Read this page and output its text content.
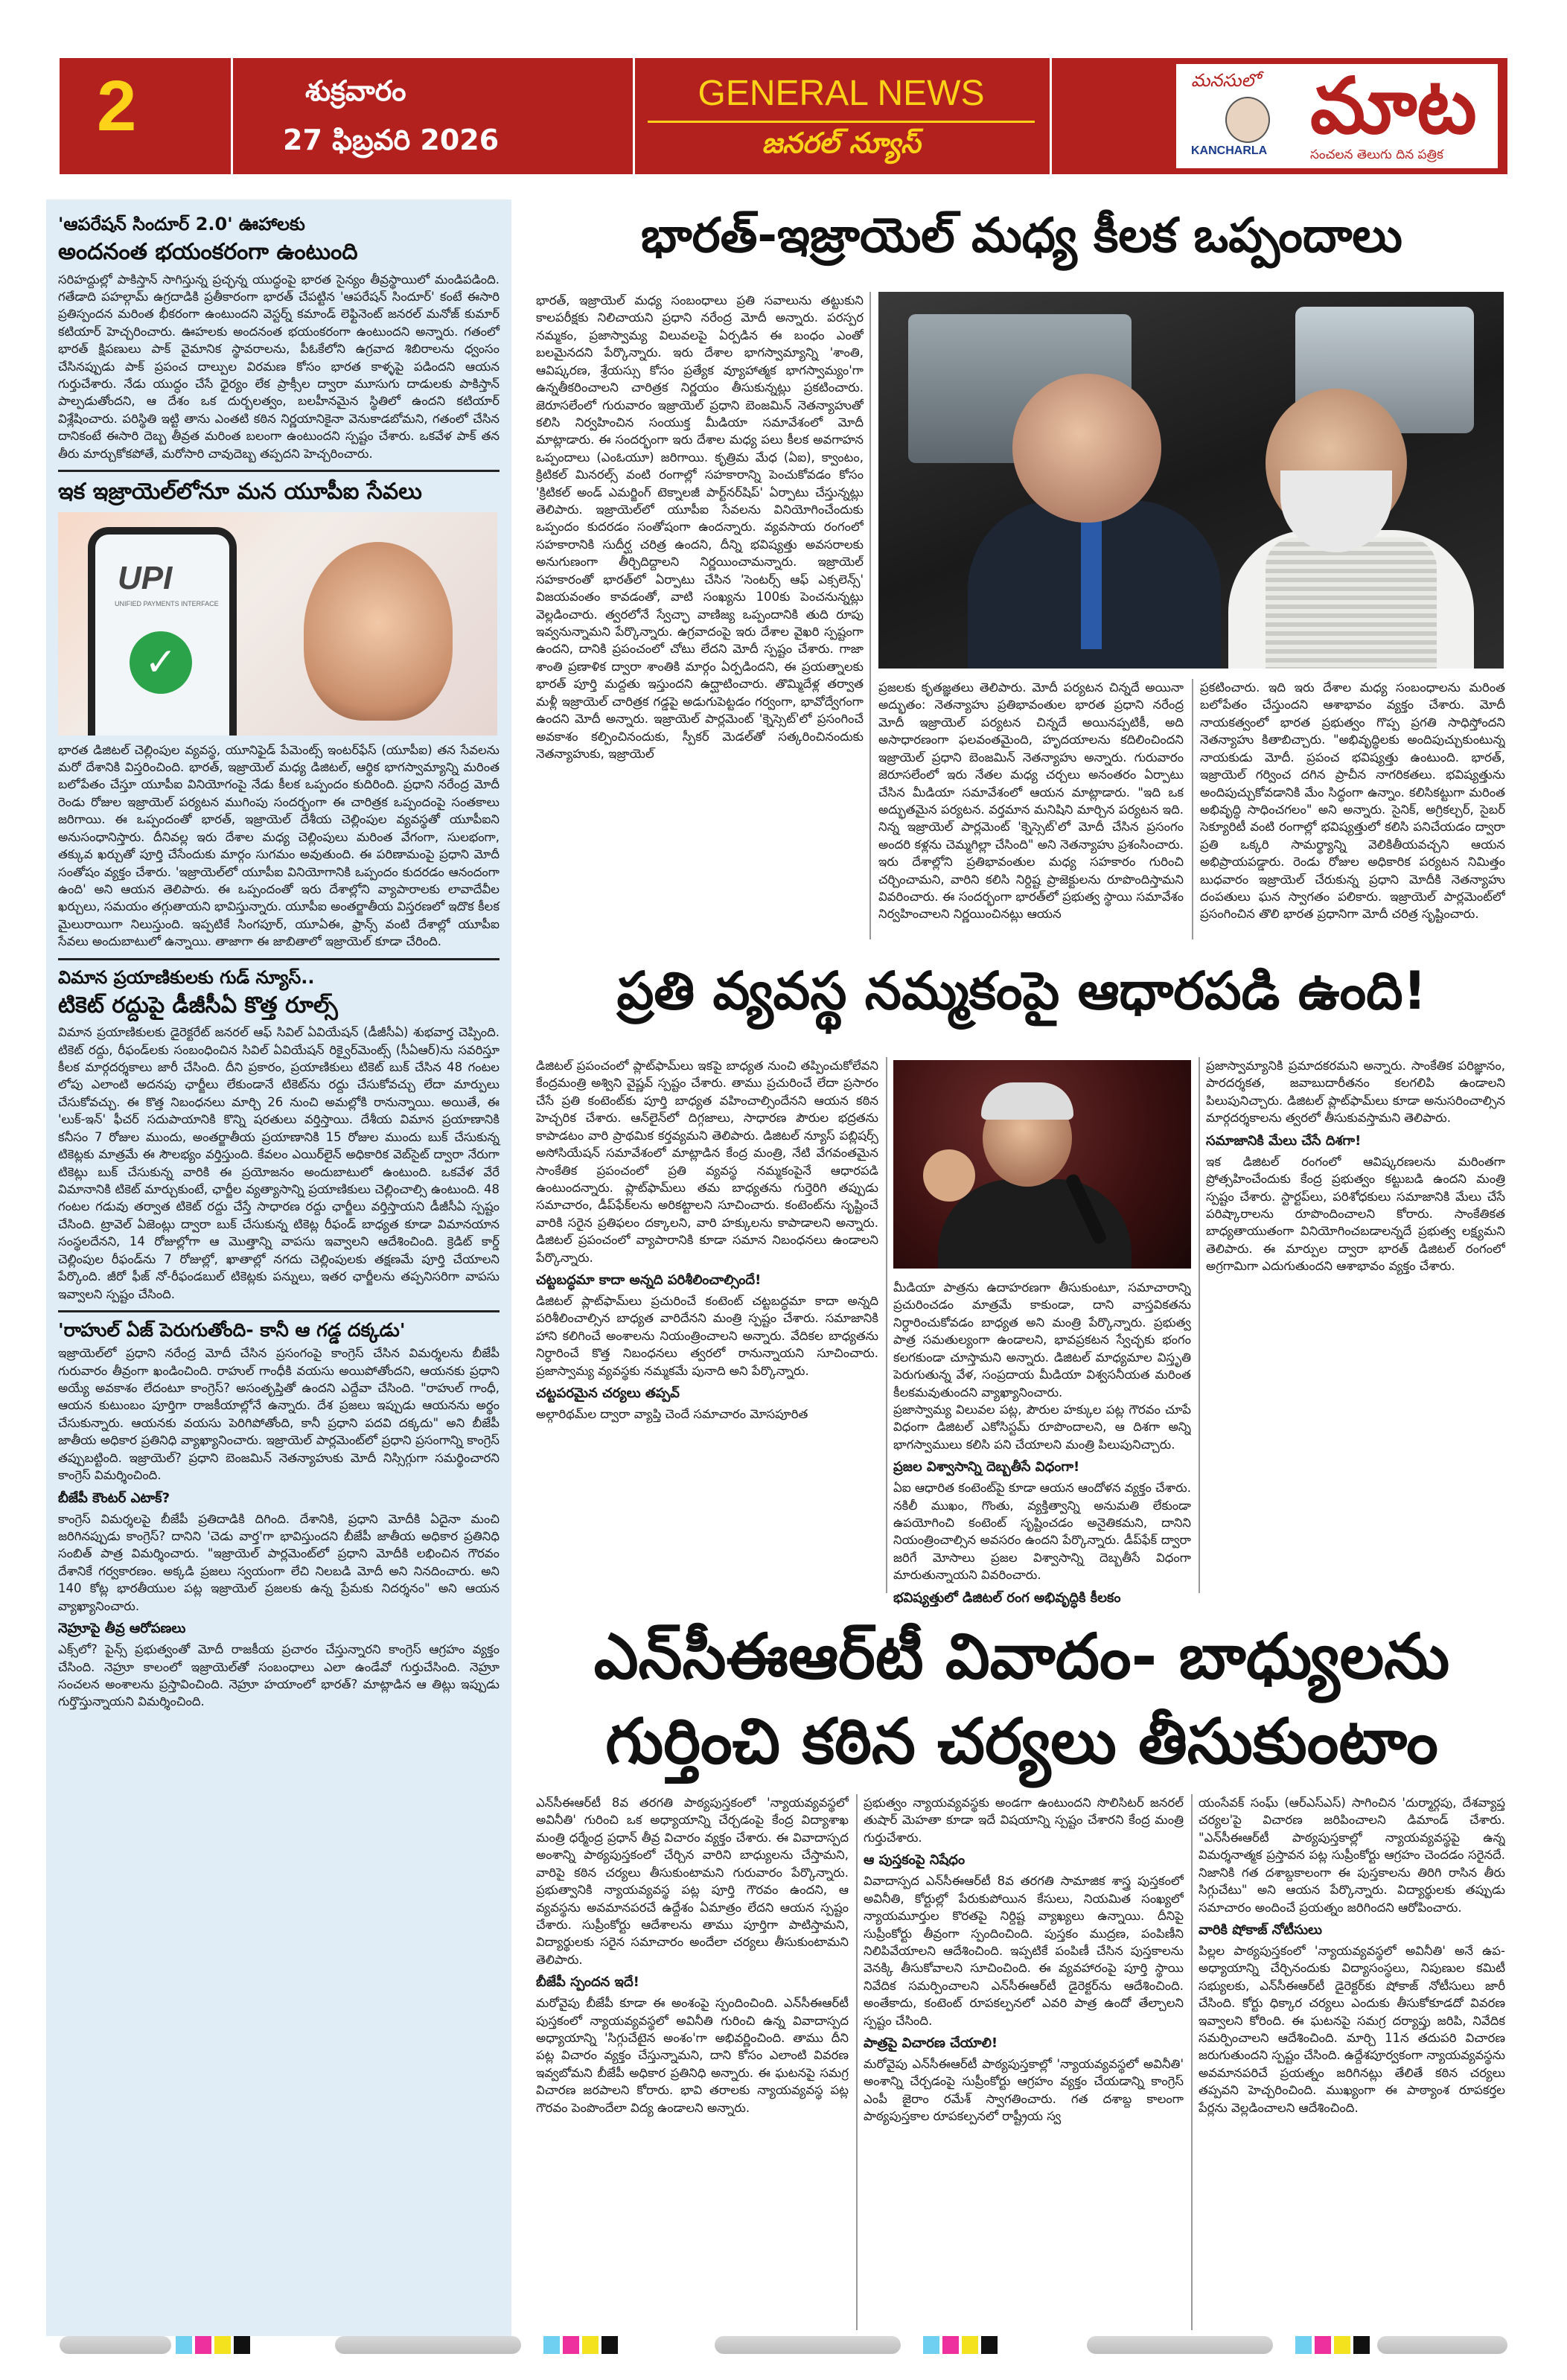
2	శుక్రవారం
27 ఫిబ్రవరి 2026
GENERAL NEWS
జనరల్ న్యూస్
మనసులో మాట
KANCHARLA	సంచలన తెలుగు దిన పత్రిక
'ఆపరేషన్ సిందూర్ 2.0' ఊహాలకు
అందనంత భయంకరంగా ఉంటుంది
సరిహద్దుల్లో పాకిస్తాన్ సాగిస్తున్న ప్రచ్ఛన్న యుద్ధంపై భారత సైన్యం తీవ్రస్థాయిలో మండిపడింది. గతేడాది పహల్గామ్ ఉగ్రదాడికి ప్రతీకారంగా భారత్ చేపట్టిన 'ఆపరేషన్ సిందూర్' కంటే ఈసారి ప్రతిస్పందన మరింత భీకరంగా ఉంటుందని వెస్టర్న్ కమాండ్ లెఫ్టినెంట్ జనరల్ మనోజ్ కుమార్ కటియార్ హెచ్చరించారు. ఊహలకు అందనంత భయంకరంగా ఉంటుందని అన్నారు. గతంలో భారత్ క్షిపణులు పాక్ వైమానిక స్థావరాలను, పీఓకేలోని ఉగ్రవాద శిబిరాలను ధ్వంసం చేసినప్పుడు పాక్ ప్రపంచ దాల్పుల విరమణ కోసం భారత కాళ్ళపై పడిందని ఆయన గుర్తుచేశారు. నేడు యుద్ధం చేసే ధైర్యం లేక ప్రాక్సీల ద్వారా మూసుగు దాడులకు పాకిస్తాన్ పాల్పడుతోందని, ఆ దేశం ఒక దుర్బలత్వం, బలహీనమైన స్థితిలో ఉందని కటియార్ విశ్లేషించారు. పరిస్థితి ఇట్టి తాను ఎంతటి కఠిన నిర్ణయానికైనా వెనుకాడబోమని, గతంలో చేసిన దానికంటే ఈసారి దెబ్బ తీవ్రత మరింత బలంగా ఉంటుందని స్పష్టం చేశారు. ఒకవేళ పాక్ తన తీరు మార్చుకోకపోతే, మరోసారి చావుదెబ్బ తప్పదని హెచ్చరించారు.
ఇక ఇజ్రాయెల్‌లోనూ మన యూపీఐ సేవలు
UPI
UNIFIED PAYMENTS INTERFACE
✓
భారత డిజిటల్ చెల్లింపుల వ్యవస్థ, యూనిఫైడ్ పేమెంట్స్ ఇంటర్‌ఫేస్ (యూపీఐ) తన సేవలను మరో దేశానికి విస్తరించింది. భారత్, ఇజ్రాయెల్ మధ్య డిజిటల్, ఆర్థిక భాగస్వామ్యాన్ని మరింత బలోపేతం చేస్తూ యూపీఐ వినియోగంపై నేడు కీలక ఒప్పందం కుదిరింది. ప్రధాని నరేంద్ర మోదీ రెండు రోజుల ఇజ్రాయెల్ పర్యటన ముగింపు సందర్భంగా ఈ చారిత్రక ఒప్పందంపై సంతకాలు జరిగాయి. ఈ ఒప్పందంతో భారత్, ఇజ్రాయెల్ దేశీయ చెల్లింపుల వ్యవస్థతో యూపీఐని అనుసంధానిస్తారు. దీనివల్ల ఇరు దేశాల మధ్య చెల్లింపులు మరింత వేగంగా, సులభంగా, తక్కువ ఖర్చుతో పూర్తి చేసేందుకు మార్గం సుగమం అవుతుంది. ఈ పరిణామంపై ప్రధాని మోదీ సంతోషం వ్యక్తం చేశారు. 'ఇజ్రాయెల్‌లో యూపీఐ వినియోగానికి ఒప్పందం కుదరడం ఆనందంగా ఉంది' అని ఆయన తెలిపారు. ఈ ఒప్పందంతో ఇరు దేశాల్లోని వ్యాపారాలకు లావాదేవీల ఖర్చులు, సమయం తగ్గుతాయని భావిస్తున్నారు. యూపీఐ అంతర్జాతీయ విస్తరణలో ఇదొక కీలక మైలురాయిగా నిలుస్తుంది. ఇప్పటికే సింగపూర్, యూఏఈ, ఫ్రాన్స్ వంటి దేశాల్లో యూపీఐ సేవలు అందుబాటులో ఉన్నాయి. తాజాగా ఈ జాబితాలో ఇజ్రాయెల్ కూడా చేరింది.
విమాన ప్రయాణికులకు గుడ్ న్యూస్..
టికెట్ రద్దుపై డీజీసీఏ కొత్త రూల్స్
విమాన ప్రయాణికులకు డైరెక్టరేట్ జనరల్ ఆఫ్ సివిల్ ఏవియేషన్ (డీజీసీఏ) శుభవార్త చెప్పింది. టికెట్ రద్దు, రీఫండ్‌లకు సంబంధించిన సివిల్ ఏవియేషన్ రిక్వైర్‌మెంట్స్ (సీఏఆర్)ను సవరిస్తూ కీలక మార్గదర్శకాలు జారీ చేసింది. దీని ప్రకారం, ప్రయాణికులు టికెట్ బుక్ చేసిన 48 గంటల లోపు ఎలాంటి అదనపు ఛార్జీలు లేకుండానే టికెట్‌ను రద్దు చేసుకోవచ్చు లేదా మార్పులు చేసుకోవచ్చు. ఈ కొత్త నిబంధనలు మార్చి 26 నుంచి అమల్లోకి రానున్నాయి. అయితే, ఈ 'లుక్-ఇన్' ఫీచర్ సదుపాయానికి కొన్ని షరతులు వర్తిస్తాయి. దేశీయ విమాన ప్రయాణానికి కనీసం 7 రోజుల ముందు, అంతర్జాతీయ ప్రయాణానికి 15 రోజుల ముందు బుక్ చేసుకున్న టికెట్లకు మాత్రమే ఈ సౌలభ్యం వర్తిస్తుంది. కేవలం ఎయిర్‌లైన్ అధికారిక వెబ్‌సైట్ ద్వారా నేరుగా టికెట్లు బుక్ చేసుకున్న వారికి ఈ ప్రయోజనం అందుబాటులో ఉంటుంది. ఒకవేళ వేరే విమానానికి టికెట్ మార్చుకుంటే, ఛార్జీల వ్యత్యాసాన్ని ప్రయాణికులు చెల్లించాల్సి ఉంటుంది. 48 గంటల గడువు తర్వాత టికెట్ రద్దు చేస్తే సాధారణ రద్దు ఛార్జీలు వర్తిస్తాయని డీజీసీఏ స్పష్టం చేసింది. ట్రావెల్ ఏజెంట్లు ద్వారా బుక్ చేసుకున్న టికెట్ల రీఫండ్ బాధ్యత కూడా విమానయాన సంస్థలదేనని, 14 రోజుల్లోగా ఆ మొత్తాన్ని వాపసు ఇవ్వాలని ఆదేశించింది. క్రెడిట్ కార్డ్ చెల్లింపుల రీఫండ్‌ను 7 రోజుల్లో, ఖాతాల్లో నగదు చెల్లింపులకు తక్షణమే పూర్తి చేయాలని పేర్కొంది. జీరో ఫీజ్ నో-రీఫండబుల్ టికెట్లకు పన్నులు, ఇతర ఛార్జీలను తప్పనిసరిగా వాపసు ఇవ్వాలని స్పష్టం చేసింది.
'రాహుల్ ఏజ్ పెరుగుతోంది- కానీ ఆ గడ్డ దక్కడు'
ఇజ్రాయెల్‌లో ప్రధాని నరేంద్ర మోదీ చేసిన ప్రసంగంపై కాంగ్రెస్ చేసిన విమర్శలను బీజేపీ గురువారం తీవ్రంగా ఖండించింది. రాహుల్ గాంధీకి వయసు అయిపోతోందని, ఆయనకు ప్రధాని అయ్యే అవకాశం లేదంటూ కాంగ్రెస్? అసంతృప్తితో ఉందని ఎద్దేవా చేసింది. "రాహుల్ గాంధీ, ఆయన కుటుంబం పూర్తిగా రాజకీయాల్లోనే ఉన్నారు. దేశ ప్రజలు ఇప్పుడు ఆయనను అర్థం చేసుకున్నారు. ఆయనకు వయసు పెరిగిపోతోంది, కానీ ప్రధాని పదవి దక్కదు" అని బీజేపీ జాతీయ అధికార ప్రతినిధి వ్యాఖ్యానించారు. ఇజ్రాయెల్ పార్లమెంట్‌లో ప్రధాని ప్రసంగాన్ని కాంగ్రెస్ తప్పుబట్టింది. ఇజ్రాయెల్? ప్రధాని బెంజమిన్ నెతన్యాహుకు మోదీ నిస్సిగ్గుగా సమర్థించారని కాంగ్రెస్ విమర్శించింది.
బీజేపీ కౌంటర్ ఎటాక్?
కాంగ్రెస్ విమర్శలపై బీజేపీ ప్రతిదాడికి దిగింది. దేశానికి, ప్రధాని మోదీకి ఏదైనా మంచి జరిగినప్పుడు కాంగ్రెస్? దానిని 'చెడు వార్త'గా భావిస్తుందని బీజేపీ జాతీయ అధికార ప్రతినిధి సంబిత్ పాత్ర విమర్శించారు. "ఇజ్రాయెల్ పార్లమెంట్‌లో ప్రధాని మోదీకి లభించిన గౌరవం దేశానికే గర్వకారణం. అక్కడి ప్రజలు స్వయంగా లేచి నిలబడి మోదీ అని నినదించారు. అని 140 కోట్ల భారతీయుల పట్ల ఇజ్రాయెల్ ప్రజలకు ఉన్న ప్రేమకు నిదర్శనం" అని ఆయన వ్యాఖ్యానించారు.
నెహ్రూపై తీవ్ర ఆరోపణలు
ఎక్స్‌లో? పైన్స్ ప్రభుత్వంతో మోదీ రాజకీయ ప్రచారం చేస్తున్నారని కాంగ్రెస్ ఆగ్రహం వ్యక్తం చేసింది. నెహ్రూ కాలంలో ఇజ్రాయెల్‌తో సంబంధాలు ఎలా ఉండేవో గుర్తుచేసింది. నెహ్రూ సంచలన అంశాలను ప్రస్తావించింది. నెహ్రూ హయాంలో భారత్? మాట్లాడిన ఆ తిట్లు ఇప్పుడు గుర్తొస్తున్నాయని విమర్శించింది.
భారత్-ఇజ్రాయెల్ మధ్య కీలక ఒప్పందాలు
భారత్, ఇజ్రాయెల్ మధ్య సంబంధాలు ప్రతి సవాలును తట్టుకుని కాలపరీక్షకు నిలిచాయని ప్రధాని నరేంద్ర మోదీ అన్నారు. పరస్పర నమ్మకం, ప్రజాస్వామ్య విలువలపై ఏర్పడిన ఈ బంధం ఎంతో బలమైనదని పేర్కొన్నారు. ఇరు దేశాల భాగస్వామ్యాన్ని 'శాంతి, ఆవిష్కరణ, శ్రేయస్సు కోసం ప్రత్యేక వ్యూహాత్మక భాగస్వామ్యం'గా ఉన్నతీకరించాలని చారిత్రక నిర్ణయం తీసుకున్నట్లు ప్రకటించారు. జెరూసలేంలో గురువారం ఇజ్రాయెల్ ప్రధాని బెంజమిన్ నెతన్యాహుతో కలిసి నిర్వహించిన సంయుక్త మీడియా సమావేశంలో మోదీ మాట్లాడారు. ఈ సందర్భంగా ఇరు దేశాల మధ్య పలు కీలక అవగాహన ఒప్పందాలు (ఎంఓయూ) జరిగాయి. కృత్రిమ మేధ (ఏఐ), క్వాంటం, క్రిటికల్ మినరల్స్ వంటి రంగాల్లో సహకారాన్ని పెంచుకోవడం కోసం 'క్రిటికల్ అండ్ ఎమర్జింగ్ టెక్నాలజీ పార్ట్‌నర్‌షిప్' ఏర్పాటు చేస్తున్నట్లు తెలిపారు. ఇజ్రాయెల్‌లో యూపీఐ సేవలను వినియోగించేందుకు ఒప్పందం కుదరడం సంతోషంగా ఉందన్నారు. వ్యవసాయ రంగంలో సహకారానికి సుదీర్ఘ చరిత్ర ఉందని, దీన్ని భవిష్యత్తు అవసరాలకు అనుగుణంగా తీర్చిదిద్దాలని నిర్ణయించామన్నారు. ఇజ్రాయెల్ సహకారంతో భారత్‌లో ఏర్పాటు చేసిన 'సెంటర్స్ ఆఫ్ ఎక్సలెన్స్' విజయవంతం కావడంతో, వాటి సంఖ్యను 100కు పెంచనున్నట్లు వెల్లడించారు. త్వరలోనే స్వేచ్ఛా వాణిజ్య ఒప్పందానికి తుది రూపు ఇవ్వనున్నామని పేర్కొన్నారు. ఉగ్రవాదంపై ఇరు దేశాల వైఖరి స్పష్టంగా ఉందని, దానికి ప్రపంచంలో చోటు లేదని మోదీ స్పష్టం చేశారు. గాజా శాంతి ప్రణాళిక ద్వారా శాంతికి మార్గం ఏర్పడిందని, ఈ ప్రయత్నాలకు భారత్ పూర్తి మద్దతు ఇస్తుందని ఉద్ఘాటించారు. తొమ్మిదేళ్ల తర్వాత మళ్లీ ఇజ్రాయెల్ చారిత్రక గడ్డపై అడుగుపెట్టడం గర్వంగా, భావోద్వేగంగా ఉందని మోదీ అన్నారు. ఇజ్రాయెల్ పార్లమెంట్ 'క్నెస్సెట్'లో ప్రసంగించే అవకాశం కల్పించినందుకు, స్పీకర్ మెడల్‌తో సత్కరించినందుకు నెతన్యాహుకు, ఇజ్రాయెల్
ప్రజలకు కృతజ్ఞతలు తెలిపారు. మోదీ పర్యటన చిన్నదే అయినా అద్భుతం: నెతన్యాహు ప్రతిభావంతుల భారత ప్రధాని నరేంద్ర మోదీ ఇజ్రాయెల్ పర్యటన చిన్నదే అయినప్పటికీ, అది అసాధారణంగా ఫలవంతమైంది, హృదయాలను కదిలించిందని ఇజ్రాయెల్ ప్రధాని బెంజమిన్ నెతన్యాహు అన్నారు. గురువారం జెరూసలేంలో ఇరు నేతల మధ్య చర్చలు అనంతరం ఏర్పాటు చేసిన మీడియా సమావేశంలో ఆయన మాట్లాడారు. "ఇది ఒక అద్భుతమైన పర్యటన. వర్తమాన మనిషిని మార్చిన పర్యటన ఇది. నిన్న ఇజ్రాయెల్ పార్లమెంట్ 'క్నెస్సెట్‌'లో మోదీ చేసిన ప్రసంగం అందరి కళ్లను చెమ్మగిల్లా చేసింది" అని నెతన్యాహు ప్రశంసించారు. ఇరు దేశాల్లోని ప్రతిభావంతుల మధ్య సహకారం గురించి చర్చించామని, వారిని కలిసి నిర్దిష్ట ప్రాజెక్టులను రూపొందిస్తామని వివరించారు. ఈ సందర్భంగా భారత్‌లో ప్రభుత్వ స్థాయి సమావేశం నిర్వహించాలని నిర్ణయించినట్లు ఆయన
ప్రకటించారు. ఇది ఇరు దేశాల మధ్య సంబంధాలను మరింత బలోపేతం చేస్తుందని ఆశాభావం వ్యక్తం చేశారు. మోదీ నాయకత్వంలో భారత ప్రభుత్వం గొప్ప ప్రగతి సాధిస్తోందని నెతన్యాహు కితాబిచ్చారు. "అభివృద్ధిలకు అందిపుచ్చుకుంటున్న నాయకుడు మోదీ. ప్రపంచ భవిష్యత్తు ఉంటుంది. భారత్, ఇజ్రాయెల్ గర్వించ దగిన ప్రాచీన నాగరికతలు. భవిష్యత్తును అందిపుచ్చుకోవడానికి మేం సిద్ధంగా ఉన్నాం. కలిసికట్టుగా మరింత అభివృద్ధి సాధించగలం" అని అన్నారు. సైనిక్, అగ్రికల్చర్, సైబర్ సెక్యూరిటీ వంటి రంగాల్లో భవిష్యత్తులో కలిసి పనిచేయడం ద్వారా ప్రతి ఒక్కరి సామర్థ్యాన్ని వెలికితీయవచ్చని ఆయన అభిప్రాయపడ్డారు. రెండు రోజుల అధికారిక పర్యటన నిమిత్తం బుధవారం ఇజ్రాయెల్ చేరుకున్న ప్రధాని మోదీకి నెతన్యాహు దంపతులు ఘన స్వాగతం పలికారు. ఇజ్రాయెల్ పార్లమెంట్‌లో ప్రసంగించిన తొలి భారత ప్రధానిగా మోదీ చరిత్ర సృష్టించారు.
ప్రతి వ్యవస్థ నమ్మకంపై ఆధారపడి ఉంది!
డిజిటల్ ప్రపంచంలో ప్లాట్‌ఫామ్‌లు ఇకపై బాధ్యత నుంచి తప్పించుకోలేవని కేంద్రమంత్రి అశ్విని వైష్ణవ్ స్పష్టం చేశారు. తాము ప్రచురించే లేదా ప్రసారం చేసే ప్రతి కంటెంట్‌కు పూర్తి బాధ్యత వహించాల్సిందేనని ఆయన కఠిన హెచ్చరిక చేశారు. ఆన్‌లైన్‌లో దిగ్గజాలు, సాధారణ పౌరుల భద్రతను కాపాడటం వారి ప్రాథమిక కర్తవ్యమని తెలిపారు. డిజిటల్ న్యూస్ పబ్లిషర్స్ అసోసియేషన్ సమావేశంలో మాట్లాడిన కేంద్ర మంత్రి, నేటి వేగవంతమైన సాంకేతిక ప్రపంచంలో ప్రతి వ్యవస్థ నమ్మకంపైనే ఆధారపడి ఉంటుందన్నారు. ప్లాట్‌ఫామ్‌లు తమ బాధ్యతను గుర్తెరిగి తప్పుడు సమాచారం, డీప్‌ఫేక్‌లను అరికట్టాలని సూచించారు. కంటెంట్‌ను సృష్టించే వారికి సరైన ప్రతిఫలం దక్కాలని, వారి హక్కులను కాపాడాలని అన్నారు. డిజిటల్ ప్రపంచంలో వ్యాపారానికి కూడా సమాన నిబంధనలు ఉండాలని పేర్కొన్నారు.
చట్టబద్ధమా కాదా అన్నది పరిశీలించాల్సిందే!
డిజిటల్ ప్లాట్‌ఫామ్‌లు ప్రచురించే కంటెంట్ చట్టబద్ధమా కాదా అన్నది పరిశీలించాల్సిన బాధ్యత వారిదేనని మంత్రి స్పష్టం చేశారు. సమాజానికి హాని కలిగించే అంశాలను నియంత్రించాలని అన్నారు. వేదికల బాధ్యతను నిర్ధారించే కొత్త నిబంధనలు త్వరలో రానున్నాయని సూచించారు. ప్రజాస్వామ్య వ్యవస్థకు నమ్మకమే పునాది అని పేర్కొన్నారు.
చట్టపరమైన చర్యలు తప్పవ్
అల్గారిథమ్‌ల ద్వారా వ్యాప్తి చెందే సమాచారం మోసపూరిత
మీడియా పాత్రను ఉదాహరణగా తీసుకుంటూ, సమాచారాన్ని ప్రచురించడం మాత్రమే కాకుండా, దాని వాస్తవికతను నిర్ధారించుకోవడం బాధ్యత అని మంత్రి పేర్కొన్నారు. ప్రభుత్వ పాత్ర సమతుల్యంగా ఉండాలని, భావప్రకటన స్వేచ్ఛకు భంగం కలగకుండా చూస్తామని అన్నారు. డిజిటల్ మాధ్యమాల విస్తృతి పెరుగుతున్న వేళ, సంప్రదాయ మీడియా విశ్వసనీయత మరింత కీలకమవుతుందని వ్యాఖ్యానించారు.
ప్రజాస్వామ్య విలువల పట్ల, పౌరుల హక్కుల పట్ల గౌరవం చూపే విధంగా డిజిటల్ ఎకోసిస్టమ్ రూపొందాలని, ఆ దిశగా అన్ని భాగస్వాములు కలిసి పని చేయాలని మంత్రి పిలుపునిచ్చారు.
ప్రజల విశ్వాసాన్ని దెబ్బతీసే విధంగా!
ఏఐ ఆధారిత కంటెంట్‌పై కూడా ఆయన ఆందోళన వ్యక్తం చేశారు. నకిలీ ముఖం, గొంతు, వ్యక్తిత్వాన్ని అనుమతి లేకుండా ఉపయోగించి కంటెంట్ సృష్టించడం అనైతికమని, దానిని నియంత్రించాల్సిన అవసరం ఉందని పేర్కొన్నారు. డీప్‌ఫేక్ ద్వారా జరిగే మోసాలు ప్రజల విశ్వాసాన్ని దెబ్బతీసే విధంగా మారుతున్నాయని వివరించారు.
భవిష్యత్తులో డిజిటల్ రంగ అభివృద్ధికి కీలకం
ప్రజాస్వామ్యానికి ప్రమాదకరమని అన్నారు. సాంకేతిక పరిజ్ఞానం, పారదర్శకత, జవాబుదారీతనం కలగలిపి ఉండాలని పిలుపునిచ్చారు. డిజిటల్ ప్లాట్‌ఫామ్‌లు కూడా అనుసరించాల్సిన మార్గదర్శకాలను త్వరలో తీసుకువస్తామని తెలిపారు.
సమాజానికి మేలు చేసే దిశగా!
ఇక డిజిటల్ రంగంలో ఆవిష్కరణలను మరింతగా ప్రోత్సహించేందుకు కేంద్ర ప్రభుత్వం కట్టుబడి ఉందని మంత్రి స్పష్టం చేశారు. స్టార్టప్‌లు, పరిశోధకులు సమాజానికి మేలు చేసే పరిష్కారాలను రూపొందించాలని కోరారు. సాంకేతికత బాధ్యతాయుతంగా వినియోగించబడాలన్నదే ప్రభుత్వ లక్ష్యమని తెలిపారు. ఈ మార్పుల ద్వారా భారత్ డిజిటల్ రంగంలో అగ్రగామిగా ఎదుగుతుందని ఆశాభావం వ్యక్తం చేశారు.
ఎన్‌సీఈఆర్‌టీ వివాదం- బాధ్యులను
గుర్తించి కఠిన చర్యలు తీసుకుంటాం
ఎన్‌సీఈఆర్‌టీ 8వ తరగతి పాఠ్యపుస్తకంలో 'న్యాయవ్యవస్థలో అవినీతి' గురించి ఒక అధ్యాయాన్ని చేర్చడంపై కేంద్ర విద్యాశాఖ మంత్రి ధర్మేంద్ర ప్రధాన్ తీవ్ర విచారం వ్యక్తం చేశారు. ఈ వివాదాస్పద అంశాన్ని పాఠ్యపుస్తకంలో చేర్చిన వారిని బాధ్యులను చేస్తామని, వారిపై కఠిన చర్యలు తీసుకుంటామని గురువారం పేర్కొన్నారు. ప్రభుత్వానికి న్యాయవ్యవస్థ పట్ల పూర్తి గౌరవం ఉందని, ఆ వ్యవస్థను అవమానపరచే ఉద్దేశం ఏమాత్రం లేదని ఆయన స్పష్టం చేశారు. సుప్రీంకోర్టు ఆదేశాలను తాము పూర్తిగా పాటిస్తామని, విద్యార్థులకు సరైన సమాచారం అందేలా చర్యలు తీసుకుంటామని తెలిపారు.
బీజేపీ స్పందన ఇదే!
మరోవైపు బీజేపీ కూడా ఈ అంశంపై స్పందించింది. ఎన్‌సీఈఆర్‌టీ పుస్తకంలో న్యాయవ్యవస్థలో అవినీతి గురించి ఉన్న వివాదాస్పద అధ్యాయాన్ని 'సిగ్గుచేటైన అంశం'గా అభివర్ణించింది. తాము దీని పట్ల విచారం వ్యక్తం చేస్తున్నామని, దాని కోసం ఎలాంటి వివరణ ఇవ్వబోమని బీజేపీ అధికార ప్రతినిధి అన్నారు. ఈ ఘటనపై సమగ్ర విచారణ జరపాలని కోరారు. భావి తరాలకు న్యాయవ్యవస్థ పట్ల గౌరవం పెంపొందేలా విద్య ఉండాలని అన్నారు.
ప్రభుత్వం న్యాయవ్యవస్థకు అండగా ఉంటుందని సొలిసిటర్ జనరల్ తుషార్ మెహతా కూడా ఇదే విషయాన్ని స్పష్టం చేశారని కేంద్ర మంత్రి గుర్తుచేశారు.
ఆ పుస్తకంపై నిషేధం
వివాదాస్పద ఎన్‌సీఈఆర్‌టీ 8వ తరగతి సామాజిక శాస్త్ర పుస్తకంలో అవినీతి, కోర్టుల్లో పేరుకుపోయిన కేసులు, నియమిత సంఖ్యలో న్యాయమూర్తుల కొరతపై నిర్దిష్ట వ్యాఖ్యలు ఉన్నాయి. దీనిపై సుప్రీంకోర్టు తీవ్రంగా స్పందించింది. పుస్తకం ముద్రణ, పంపిణీని నిలిపివేయాలని ఆదేశించింది. ఇప్పటికే పంపిణీ చేసిన పుస్తకాలను వెనక్కి తీసుకోవాలని సూచించింది. ఈ వ్యవహారంపై పూర్తి స్థాయి నివేదిక సమర్పించాలని ఎన్‌సీఈఆర్‌టీ డైరెక్టర్‌ను ఆదేశించింది. అంతేకాదు, కంటెంట్ రూపకల్పనలో ఎవరి పాత్ర ఉందో తేల్చాలని స్పష్టం చేసింది.
పాత్రపై విచారణ చేయాలి!
మరోవైపు ఎన్‌సీఈఆర్‌టీ పాఠ్యపుస్తకాల్లో 'న్యాయవ్యవస్థలో అవినీతి' అంశాన్ని చేర్చడంపై సుప్రీంకోర్టు ఆగ్రహం వ్యక్తం చేయడాన్ని కాంగ్రెస్ ఎంపీ జైరాం రమేశ్ స్వాగతించారు. గత దశాబ్ద కాలంగా పాఠ్యపుస్తకాల రూపకల్పనలో రాష్ట్రీయ స్వ
యంసేవక్ సంఘ్ (ఆర్ఎస్ఎస్) సాగించిన 'దుర్మార్గపు, దేశవ్యాప్త చర్యల'పై విచారణ జరిపించాలని డిమాండ్ చేశారు. "ఎన్‌సీఈఆర్‌టీ పాఠ్యపుస్తకాల్లో న్యాయవ్యవస్థపై ఉన్న విమర్శనాత్మక ప్రస్తావన పట్ల సుప్రీంకోర్టు ఆగ్రహం చెందడం సరైనదే. నిజానికి గత దశాబ్దకాలంగా ఈ పుస్తకాలను తిరిగి రాసిన తీరు సిగ్గుచేటు" అని ఆయన పేర్కొన్నారు. విద్యార్థులకు తప్పుడు సమాచారం అందించే ప్రయత్నం జరిగిందని ఆరోపించారు.
వారికి షోకాజ్ నోటీసులు
పిల్లల పాఠ్యపుస్తకంలో 'న్యాయవ్యవస్థలో అవినీతి' అనే ఉప-అధ్యాయాన్ని చేర్చినందుకు విద్యాసంస్థలు, నిపుణుల కమిటీ సభ్యులకు, ఎన్‌సీఈఆర్‌టీ డైరెక్టర్‌కు షోకాజ్ నోటీసులు జారీ చేసింది. కోర్టు ధిక్కార చర్యలు ఎందుకు తీసుకోకూడదో వివరణ ఇవ్వాలని కోరింది. ఈ ఘటనపై సమగ్ర దర్యాప్తు జరిపి, నివేదిక సమర్పించాలని ఆదేశించింది. మార్చి 11న తదుపరి విచారణ జరుగుతుందని స్పష్టం చేసింది. ఉద్దేశపూర్వకంగా న్యాయవ్యవస్థను అవమానపరిచే ప్రయత్నం జరిగినట్లు తేలితే కఠిన చర్యలు తప్పవని హెచ్చరించింది. ముఖ్యంగా ఈ పాఠ్యాంశ రూపకర్తల పేర్లను వెల్లడించాలని ఆదేశించింది.
